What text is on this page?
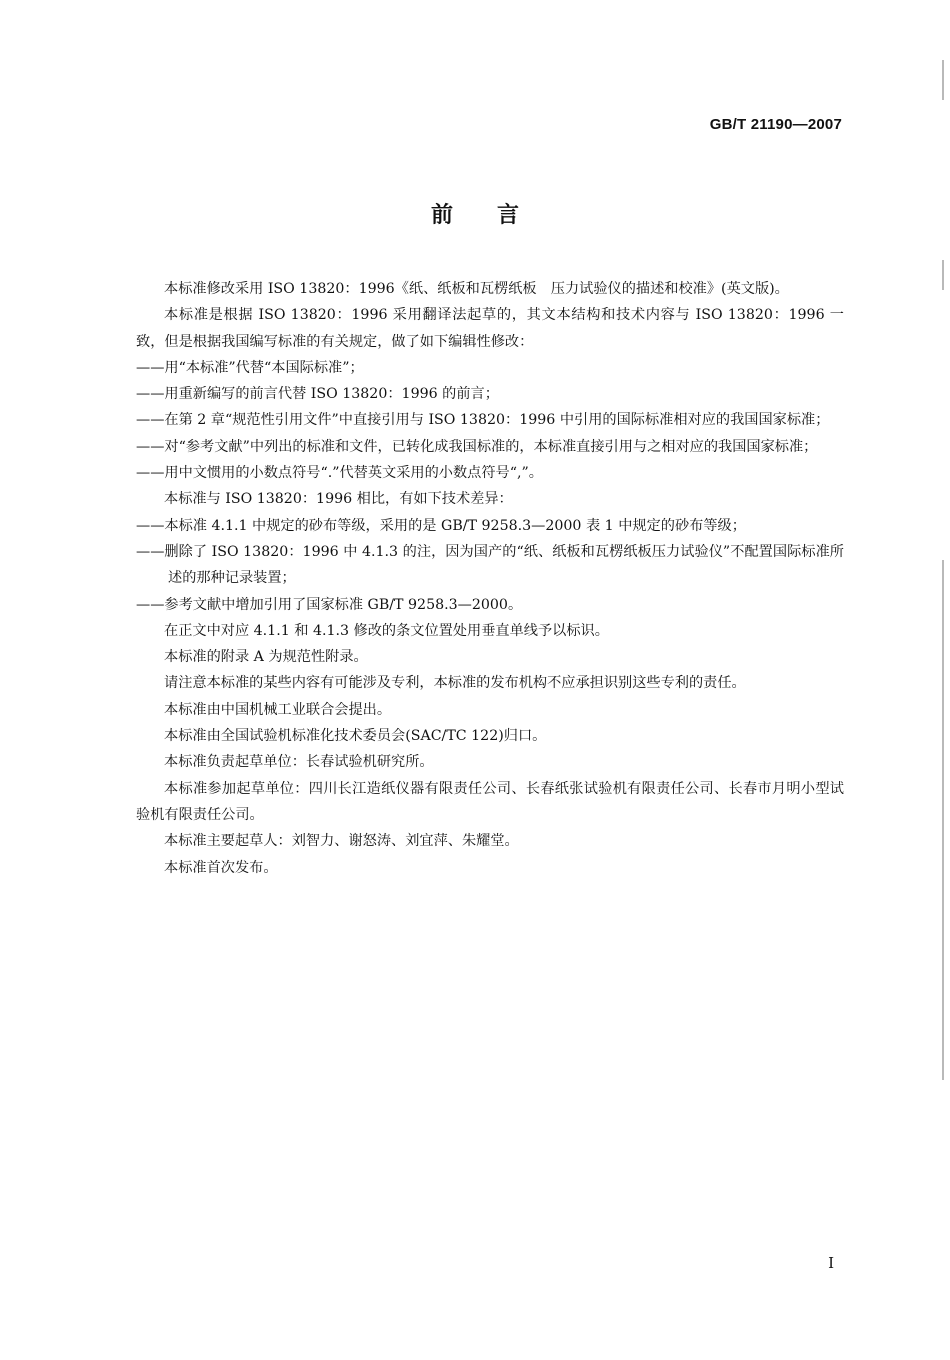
GB/T 21190—2007
前言
本标准修改采用 ISO 13820：1996《纸、纸板和瓦楞纸板　压力试验仪的描述和校准》(英文版)。
本标准是根据 ISO 13820：1996 采用翻译法起草的，其文本结构和技术内容与 ISO 13820：1996 一致，但是根据我国编写标准的有关规定，做了如下编辑性修改：
——用“本标准”代替“本国际标准”；
——用重新编写的前言代替 ISO 13820：1996 的前言；
——在第 2 章“规范性引用文件”中直接引用与 ISO 13820：1996 中引用的国际标准相对应的我国国家标准；
——对“参考文献”中列出的标准和文件，已转化成我国标准的，本标准直接引用与之相对应的我国国家标准；
——用中文惯用的小数点符号“.”代替英文采用的小数点符号“,”。
本标准与 ISO 13820：1996 相比，有如下技术差异：
——本标准 4.1.1 中规定的砂布等级，采用的是 GB/T 9258.3—2000 表 1 中规定的砂布等级；
——删除了 ISO 13820：1996 中 4.1.3 的注，因为国产的“纸、纸板和瓦楞纸板压力试验仪”不配置国际标准所述的那种记录装置；
——参考文献中增加引用了国家标准 GB/T 9258.3—2000。
在正文中对应 4.1.1 和 4.1.3 修改的条文位置处用垂直单线予以标识。
本标准的附录 A 为规范性附录。
请注意本标准的某些内容有可能涉及专利，本标准的发布机构不应承担识别这些专利的责任。
本标准由中国机械工业联合会提出。
本标准由全国试验机标准化技术委员会(SAC/TC 122)归口。
本标准负责起草单位：长春试验机研究所。
本标准参加起草单位：四川长江造纸仪器有限责任公司、长春纸张试验机有限责任公司、长春市月明小型试验机有限责任公司。
本标准主要起草人：刘智力、谢怒涛、刘宜萍、朱耀堂。
本标准首次发布。
I
